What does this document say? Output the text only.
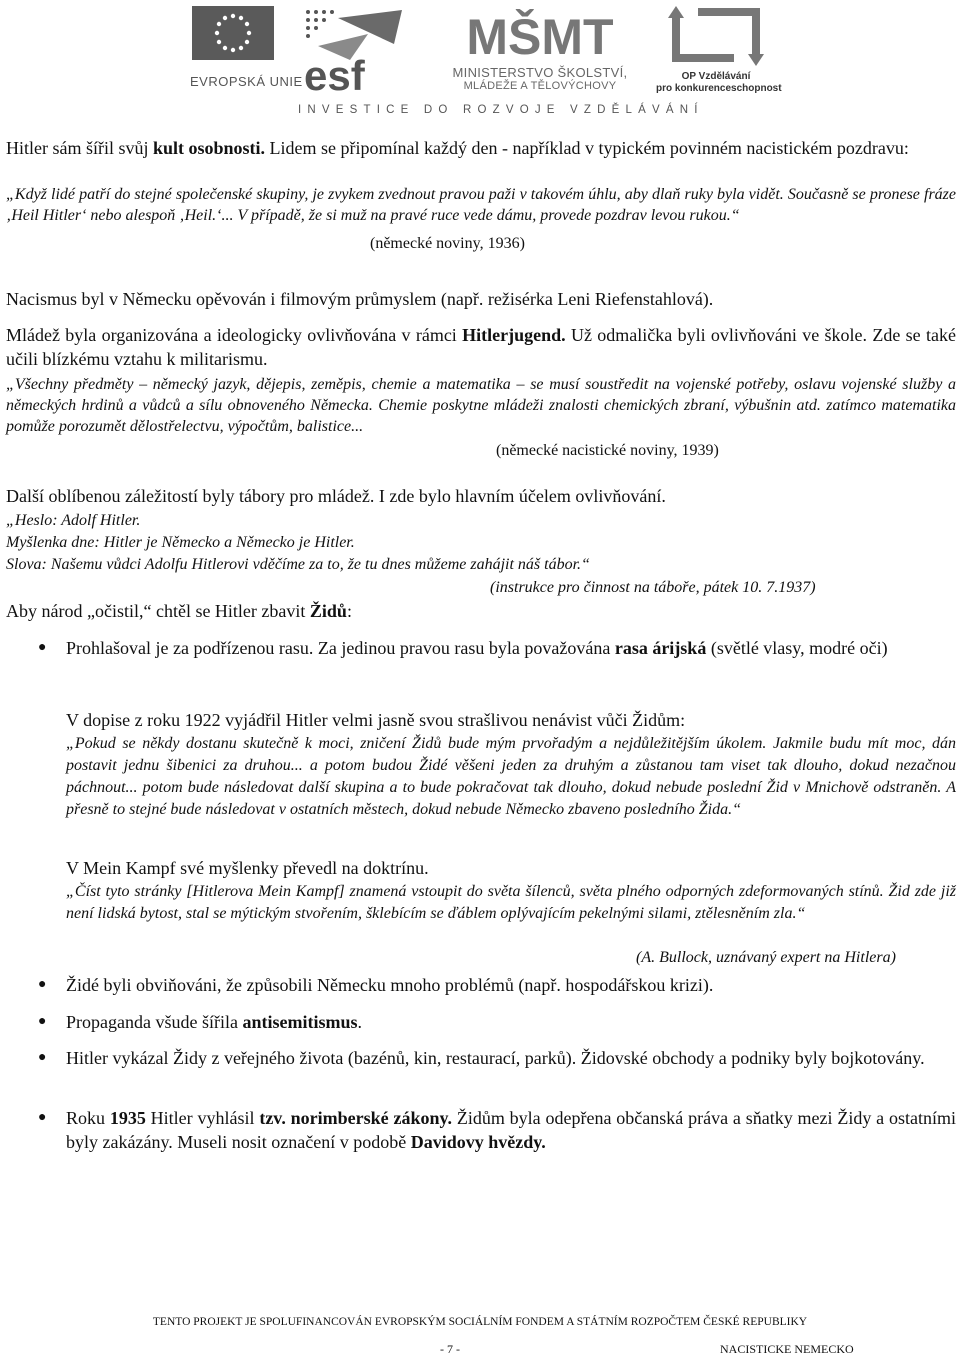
EVROPSKÁ UNIE esf
MŠMT
MINISTERSTVO ŠKOLSTVÍ,
MLÁDEŽE A TĚLOVÝCHOVY
OP Vzdělávání
pro konkurenceschopnost
INVESTICE DO ROZVOJE VZDĚLÁVÁNÍ
Hitler sám šířil svůj kult osobnosti. Lidem se připomínal každý den - například v typickém povinném nacistickém pozdravu:
„Když lidé patří do stejné společenské skupiny, je zvykem zvednout pravou paži v takovém úhlu, aby dlaň ruky byla vidět. Současně se pronese fráze ‚Heil Hitler‘ nebo alespoň ‚Heil.‘... V případě, že si muž na pravé ruce vede dámu, provede pozdrav levou rukou.“
(německé noviny, 1936)
Nacismus byl v Německu opěvován i filmovým průmyslem (např. režisérka Leni Riefenstahlová).
Mládež byla organizována a ideologicky ovlivňována v rámci Hitlerjugend. Už odmalička byli ovlivňováni ve škole. Zde se také učili blízkému vztahu k militarismu.
„Všechny předměty – německý jazyk, dějepis, zeměpis, chemie a matematika – se musí soustředit na vojenské potřeby, oslavu vojenské služby a německých hrdinů a vůdců a sílu obnoveného Německa. Chemie poskytne mládeži znalosti chemických zbraní, výbušnin atd. zatímco matematika pomůže porozumět dělostřelectvu, výpočtům, balistice...
(německé nacistické noviny, 1939)
Další oblíbenou záležitostí byly tábory pro mládež. I zde bylo hlavním účelem ovlivňování.
„Heslo: Adolf Hitler.
Myšlenka dne: Hitler je Německo a Německo je Hitler.
Slova: Našemu vůdci Adolfu Hitlerovi vděčíme za to, že tu dnes můžeme zahájit náš tábor.“
(instrukce pro činnost na táboře, pátek 10. 7.1937)
Aby národ „očistil,“ chtěl se Hitler zbavit Židů:
● Prohlašoval je za podřízenou rasu. Za jedinou pravou rasu byla považována rasa árijská (světlé vlasy, modré oči)
V dopise z roku 1922 vyjádřil Hitler velmi jasně svou strašlivou nenávist vůči Židům:
„Pokud se někdy dostanu skutečně k moci, zničení Židů bude mým prvořadým a nejdůležitějším úkolem. Jakmile budu mít moc, dán postavit jednu šibenici za druhou... a potom budou Židé věšeni jeden za druhým a zůstanou tam viset tak dlouho, dokud nezačnou páchnout... potom bude následovat další skupina a to bude pokračovat tak dlouho, dokud nebude poslední Žid v Mnichově odstraněn. A přesně to stejné bude následovat v ostatních městech, dokud nebude Německo zbaveno posledního Žida.“
V Mein Kampf své myšlenky převedl na doktrínu.
„Číst tyto stránky [Hitlerova Mein Kampf] znamená vstoupit do světa šílenců, světa plného odporných zdeformovaných stínů. Žid zde již není lidská bytost, stal se mýtickým stvořením, šklebícím se ďáblem oplývajícím pekelnými silami, ztělesněním zla.“
(A. Bullock, uznávaný expert na Hitlera)
● Židé byli obviňováni, že způsobili Německu mnoho problémů (např. hospodářskou krizi).
● Propaganda všude šířila antisemitismus.
● Hitler vykázal Židy z veřejného života (bazénů, kin, restaurací, parků). Židovské obchody a podniky byly bojkotovány.
● Roku 1935 Hitler vyhlásil tzv. norimberské zákony. Židům byla odepřena občanská práva a sňatky mezi Židy a ostatními byly zakázány. Museli nosit označení v podobě Davidovy hvězdy.
TENTO PROJEKT JE SPOLUFINANCOVÁN EVROPSKÝM SOCIÁLNÍM FONDEM A STÁTNÍM ROZPOČTEM ČESKÉ REPUBLIKY
- 7 -	NACISTICKE NEMECKO
